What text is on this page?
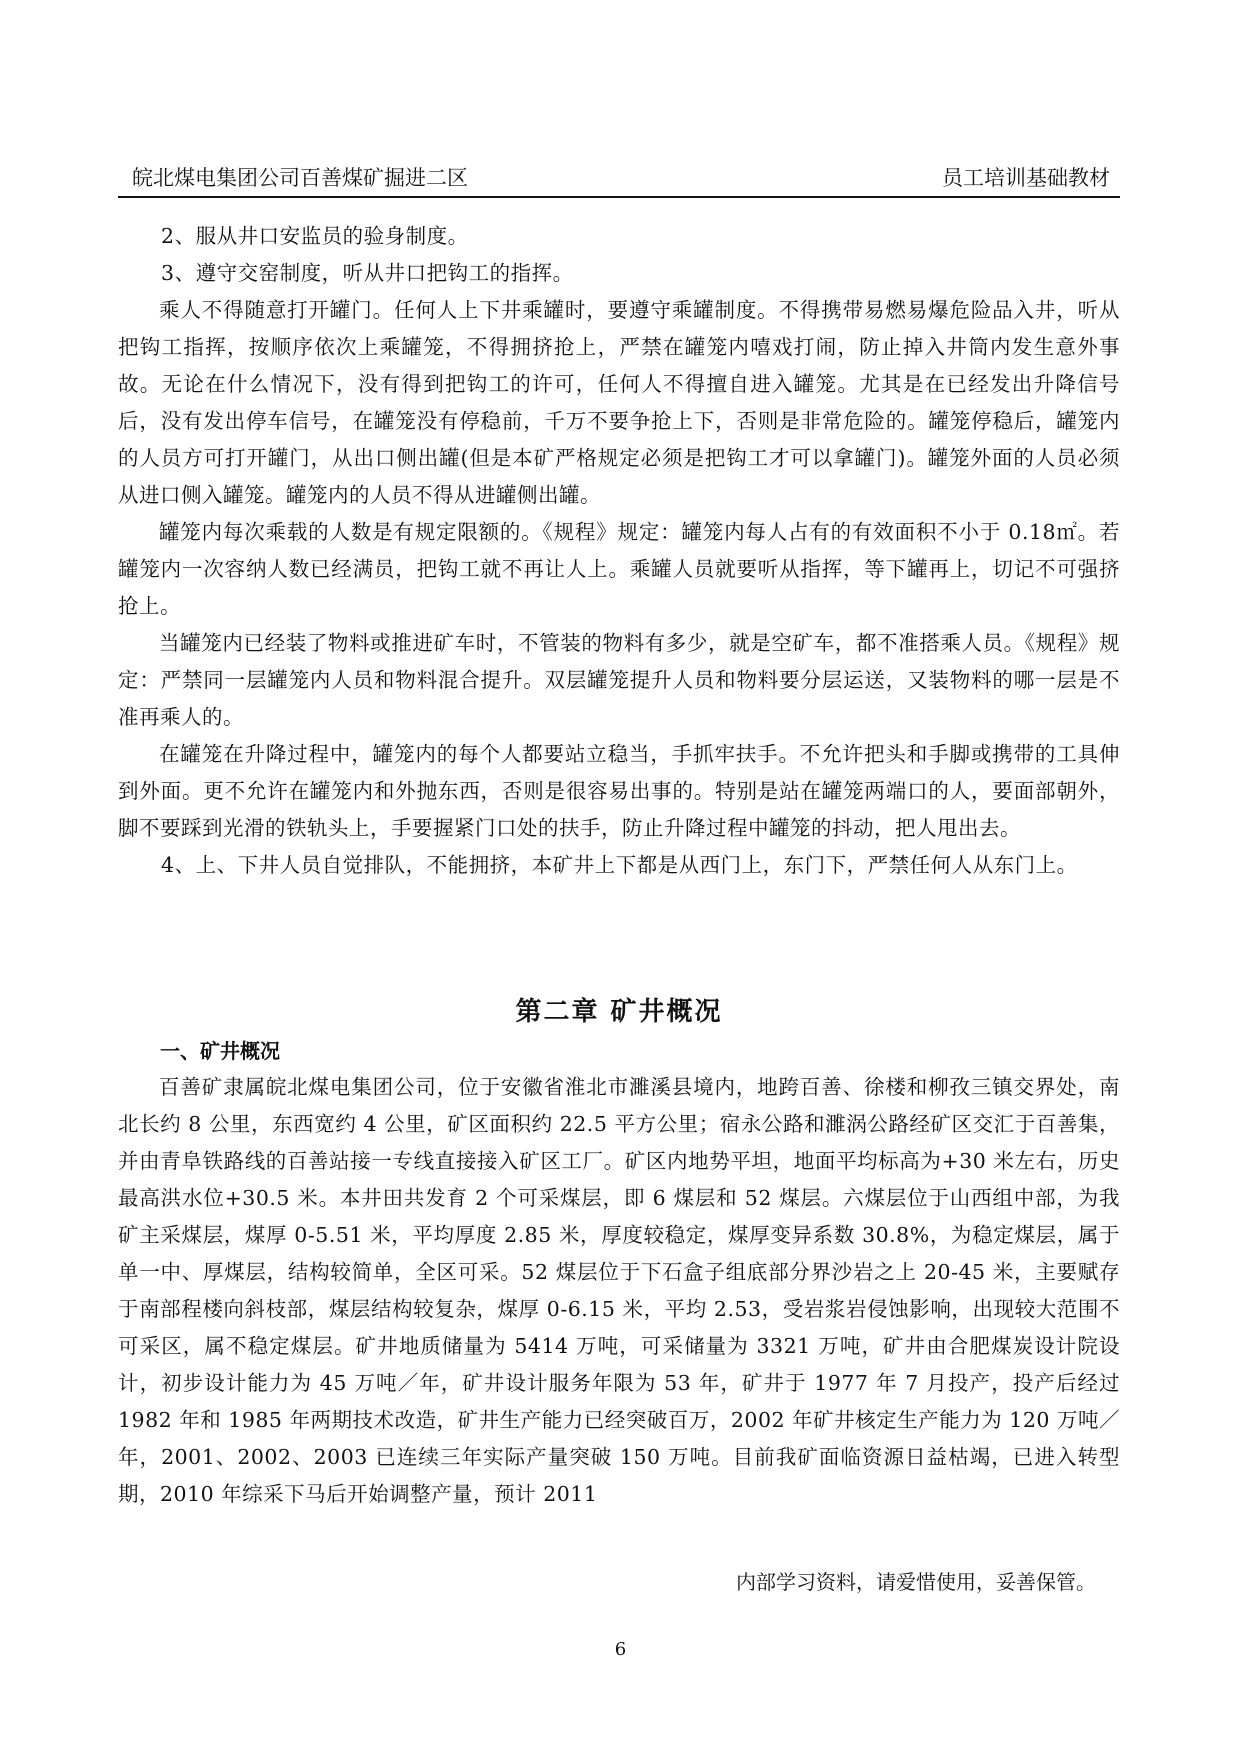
皖北煤电集团公司百善煤矿掘进二区	员工培训基础教材

2、服从井口安监员的验身制度。

3、遵守交窑制度，听从井口把钩工的指挥。

乘人不得随意打开罐门。任何人上下井乘罐时，要遵守乘罐制度。不得携带易燃易爆危险品入井，听从把钩工指挥，按顺序依次上乘罐笼，不得拥挤抢上，严禁在罐笼内嘻戏打闹，防止掉入井筒内发生意外事故。无论在什么情况下，没有得到把钩工的许可，任何人不得擅自进入罐笼。尤其是在已经发出升降信号后，没有发出停车信号，在罐笼没有停稳前，千万不要争抢上下，否则是非常危险的。罐笼停稳后，罐笼内的人员方可打开罐门，从出口侧出罐(但是本矿严格规定必须是把钩工才可以拿罐门)。罐笼外面的人员必须从进口侧入罐笼。罐笼内的人员不得从进罐侧出罐。

罐笼内每次乘载的人数是有规定限额的。《规程》规定：罐笼内每人占有的有效面积不小于 0.18㎡。若罐笼内一次容纳人数已经满员，把钩工就不再让人上。乘罐人员就要听从指挥，等下罐再上，切记不可强挤抢上。

当罐笼内已经装了物料或推进矿车时，不管装的物料有多少，就是空矿车，都不准搭乘人员。《规程》规定：严禁同一层罐笼内人员和物料混合提升。双层罐笼提升人员和物料要分层运送，又装物料的哪一层是不准再乘人的。

在罐笼在升降过程中，罐笼内的每个人都要站立稳当，手抓牢扶手。不允许把头和手脚或携带的工具伸到外面。更不允许在罐笼内和外抛东西，否则是很容易出事的。特别是站在罐笼两端口的人，要面部朝外，脚不要踩到光滑的铁轨头上，手要握紧门口处的扶手，防止升降过程中罐笼的抖动，把人甩出去。

4、上、下井人员自觉排队，不能拥挤，本矿井上下都是从西门上，东门下，严禁任何人从东门上。

第二章 矿井概况
一、矿井概况

百善矿隶属皖北煤电集团公司，位于安徽省淮北市濉溪县境内，地跨百善、徐楼和柳孜三镇交界处，南北长约 8 公里，东西宽约 4 公里，矿区面积约 22.5 平方公里；宿永公路和濉涡公路经矿区交汇于百善集，并由青阜铁路线的百善站接一专线直接接入矿区工厂。矿区内地势平坦，地面平均标高为+30 米左右，历史最高洪水位+30.5 米。本井田共发育 2 个可采煤层，即 6 煤层和 52 煤层。六煤层位于山西组中部，为我矿主采煤层，煤厚 0-5.51 米，平均厚度 2.85 米，厚度较稳定，煤厚变异系数 30.8%，为稳定煤层，属于单一中、厚煤层，结构较简单，全区可采。52 煤层位于下石盒子组底部分界沙岩之上 20-45 米，主要赋存于南部程楼向斜枝部，煤层结构较复杂，煤厚 0-6.15 米，平均 2.53，受岩浆岩侵蚀影响，出现较大范围不可采区，属不稳定煤层。矿井地质储量为 5414 万吨，可采储量为 3321 万吨，矿井由合肥煤炭设计院设计，初步设计能力为 45 万吨／年，矿井设计服务年限为 53 年，矿井于 1977 年 7 月投产，投产后经过 1982 年和 1985 年两期技术改造，矿井生产能力已经突破百万，2002 年矿井核定生产能力为 120 万吨／年，2001、2002、2003 已连续三年实际产量突破 150 万吨。目前我矿面临资源日益枯竭，已进入转型期，2010 年综采下马后开始调整产量，预计 2011

内部学习资料，请爱惜使用，妥善保管。
6
